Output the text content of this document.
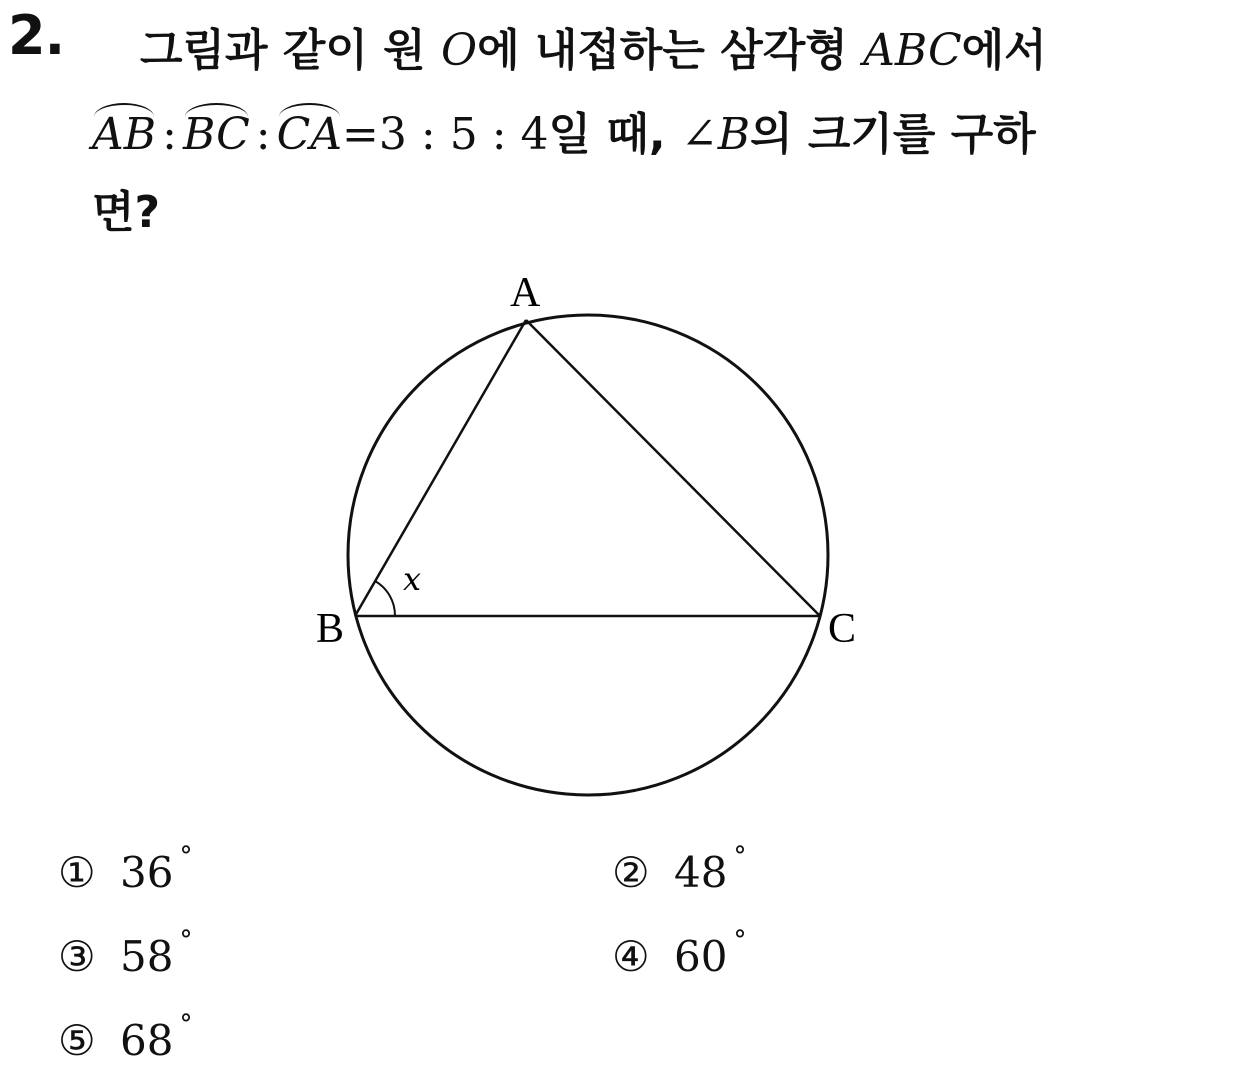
2. 그림과 같이 원 O에 내접하는 삼각형 ABC에서
AB : BC : CA=3 : 5 : 4일 때, ∠B의 크기를 구하
면?
A
B	C
x
① 36 °	② 48 °
③ 58 °	④ 60 °
⑤ 68 °
